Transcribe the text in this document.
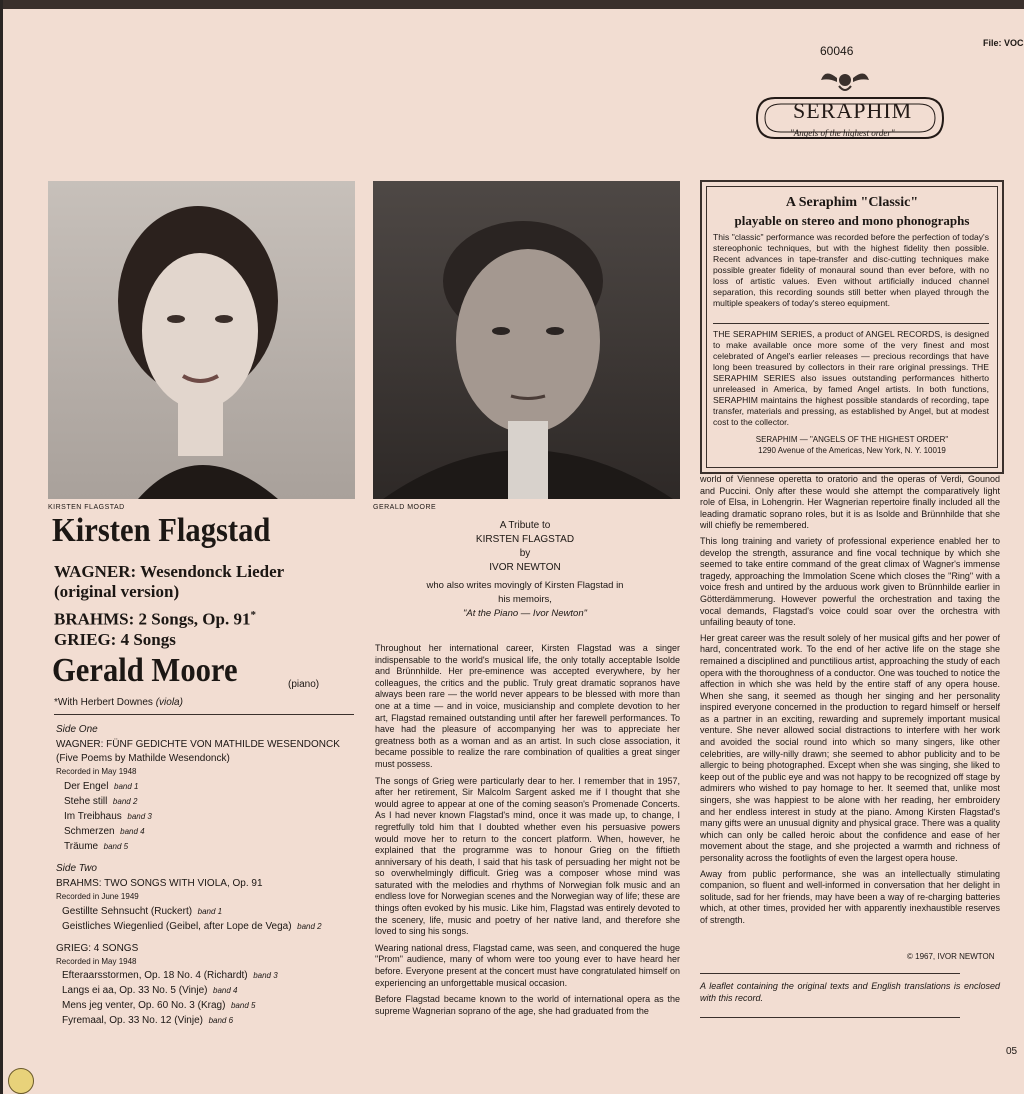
File: VOC
60046
SERAPHIM
"Angels of the highest order"
KIRSTEN FLAGSTAD	GERALD MOORE
Kirsten Flagstad
WAGNER: Wesendonck Lieder
(original version)
BRAHMS: 2 Songs, Op. 91*
GRIEG: 4 Songs
Gerald Moore	(piano)
*With Herbert Downes (viola)
Side One
WAGNER: FÜNF GEDICHTE VON MATHILDE WESENDONCK
(Five Poems by Mathilde Wesendonck)
Recorded in May 1948
Der Engel band 1
Stehe still band 2
Im Treibhaus band 3
Schmerzen band 4
Träume band 5
Side Two
BRAHMS: TWO SONGS WITH VIOLA, Op. 91
Recorded in June 1949
Gestillte Sehnsucht (Ruckert) band 1
Geistliches Wiegenlied (Geibel, after Lope de Vega) band 2
GRIEG: 4 SONGS
Recorded in May 1948
Efteraarsstormen, Op. 18 No. 4 (Richardt) band 3
Langs ei aa, Op. 33 No. 5 (Vinje) band 4
Mens jeg venter, Op. 60 No. 3 (Krag) band 5
Fyremaal, Op. 33 No. 12 (Vinje) band 6
A Tribute to
KIRSTEN FLAGSTAD
by
IVOR NEWTON
who also writes movingly of Kirsten Flagstad in
his memoirs,
"At the Piano — Ivor Newton"

Throughout her international career, Kirsten Flagstad was a singer indispensable to the world's musical life, the only totally acceptable Isolde and Brünnhilde. Her pre-eminence was accepted everywhere, by her colleagues, the critics and the public. Truly great dramatic sopranos have always been rare — the world never appears to be blessed with more than one at a time — and in voice, musicianship and complete devotion to her art, Flagstad remained outstanding until after her farewell performances. To have had the pleasure of accompanying her was to appreciate her greatness both as a woman and as an artist. In such close association, it became possible to realize the rare combination of qualities a great singer must possess.

The songs of Grieg were particularly dear to her. I remember that in 1957, after her retirement, Sir Malcolm Sargent asked me if I thought that she would agree to appear at one of the coming season's Promenade Concerts. As I had never known Flagstad's mind, once it was made up, to change, I regretfully told him that I doubted whether even his persuasive powers would move her to return to the concert platform. When, however, he explained that the programme was to honour Grieg on the fiftieth anniversary of his death, I said that his task of persuading her might not be so overwhelmingly difficult. Grieg was a composer whose mind was saturated with the melodies and rhythms of Norwegian folk music and an endless love for Norwegian scenes and the Norwegian way of life; these are things often evoked by his music. Like him, Flagstad was entirely devoted to the scenery, life, music and poetry of her native land, and therefore she loved to sing his songs.

Wearing national dress, Flagstad came, was seen, and conquered the huge "Prom" audience, many of whom were too young ever to have heard her before. Everyone present at the concert must have congratulated himself on experiencing an unforgettable musical occasion.

Before Flagstad became known to the world of international opera as the supreme Wagnerian soprano of the age, she had graduated from the

A Seraphim "Classic"
playable on stereo and mono phonographs

This "classic" performance was recorded before the perfection of today's stereophonic techniques, but with the highest fidelity then possible. Recent advances in tape-transfer and disc-cutting techniques make possible greater fidelity of monaural sound than ever before, with no loss of artistic values. Even without artificially induced channel separation, this recording sounds still better when played through the multiple speakers of today's stereo equipment.

THE SERAPHIM SERIES, a product of ANGEL RECORDS, is designed to make available once more some of the very finest and most celebrated of Angel's earlier releases — precious recordings that have long been treasured by collectors in their rare original pressings. THE SERAPHIM SERIES also issues outstanding performances hitherto unreleased in America, by famed Angel artists. In both functions, SERAPHIM maintains the highest possible standards of recording, tape transfer, materials and pressing, as established by Angel, but at modest cost to the collector.

SERAPHIM — "ANGELS OF THE HIGHEST ORDER"
1290 Avenue of the Americas, New York, N. Y. 10019

world of Viennese operetta to oratorio and the operas of Verdi, Gounod and Puccini. Only after these would she attempt the comparatively light role of Elsa, in Lohengrin. Her Wagnerian repertoire finally included all the leading dramatic soprano roles, but it is as Isolde and Brünnhilde that she will chiefly be remembered.

This long training and variety of professional experience enabled her to develop the strength, assurance and fine vocal technique by which she seemed to take entire command of the great climax of Wagner's immense tragedy, approaching the Immolation Scene which closes the "Ring" with a voice fresh and untired by the arduous work given to Brünnhilde earlier in Götterdämmerung. However powerful the orchestration and taxing the vocal demands, Flagstad's voice could soar over the orchestra with unfailing beauty of tone.

Her great career was the result solely of her musical gifts and her power of hard, concentrated work. To the end of her active life on the stage she remained a disciplined and punctilious artist, approaching the study of each opera with the thoroughness of a conductor. One was touched to notice the affection in which she was held by the entire staff of any opera house. When she sang, it seemed as though her singing and her personality inspired everyone concerned in the production to regard himself or herself as a partner in an exciting, rewarding and supremely important musical venture. She never allowed social distractions to interfere with her work and avoided the social round into which so many singers, like other celebrities, are willy-nilly drawn; she seemed to abhor publicity and to be allergic to being photographed. Except when she was singing, she liked to keep out of the public eye and was not happy to be recognized off stage by admirers who wished to pay homage to her. It seemed that, unlike most singers, she was happiest to be alone with her reading, her embroidery and her endless interest in study at the piano. Among Kirsten Flagstad's many gifts were an unusual dignity and physical grace. There was a quality which can only be called heroic about the confidence and ease of her movement about the stage, and she projected a warmth and richness of personality across the footlights of even the largest opera house.

Away from public performance, she was an intellectually stimulating companion, so fluent and well-informed in conversation that her delight in solitude, sad for her friends, may have been a way of re-charging batteries which, at other times, provided her with apparently inexhaustible reserves of strength.

© 1967, IVOR NEWTON

A leaflet containing the original texts and English translations is enclosed with this record.

05
